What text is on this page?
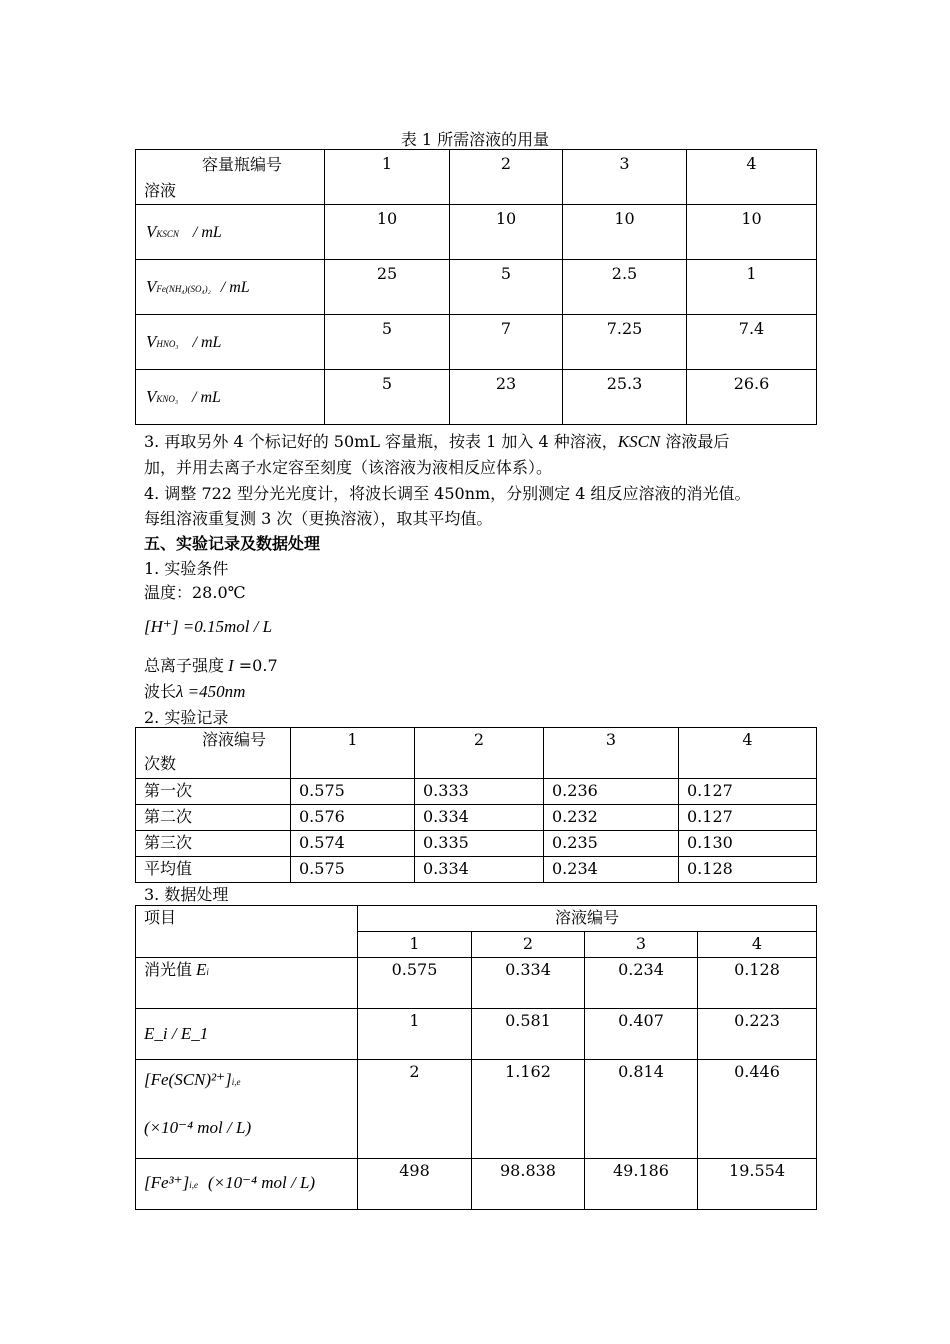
表 1 所需溶液的用量
容量瓶编号
溶液	1	2	3	4
VKSCN / mL	10	10	10	10
VFe(NH₄)(SO₄)₂ / mL	25	5	2.5	1
VHNO₃ / mL	5	7	7.25	7.4
VKNO₃ / mL	5	23	25.3	26.6
3. 再取另外 4 个标记好的 50mL 容量瓶，按表 1 加入 4 种溶液，KSCN 溶液最后
加，并用去离子水定容至刻度（该溶液为液相反应体系）。
4. 调整 722 型分光光度计，将波长调至 450nm，分别测定 4 组反应溶液的消光值。
每组溶液重复测 3 次（更换溶液），取其平均值。
五、实验记录及数据处理
1. 实验条件
温度：28.0℃
[H⁺] =0.15mol / L
总离子强度 I =0.7
波长λ =450nm
2. 实验记录
溶液编号
次数	1	2	3	4
第一次	0.575	0.333	0.236	0.127
第二次	0.576	0.334	0.232	0.127
第三次	0.574	0.335	0.235	0.130
平均值	0.575	0.334	0.234	0.128
3. 数据处理
项目	溶液编号			
	1	2	3	4
消光值 Ei	0.575	0.334	0.234	0.128
E_i / E_1	1	0.581	0.407	0.223

[Fe(SCN)²⁺]i,e
(×10⁻⁴ mol / L)	2	1.162	0.814	0.446
[Fe³⁺]i,e (×10⁻⁴ mol / L)	498	98.838	49.186	19.554
